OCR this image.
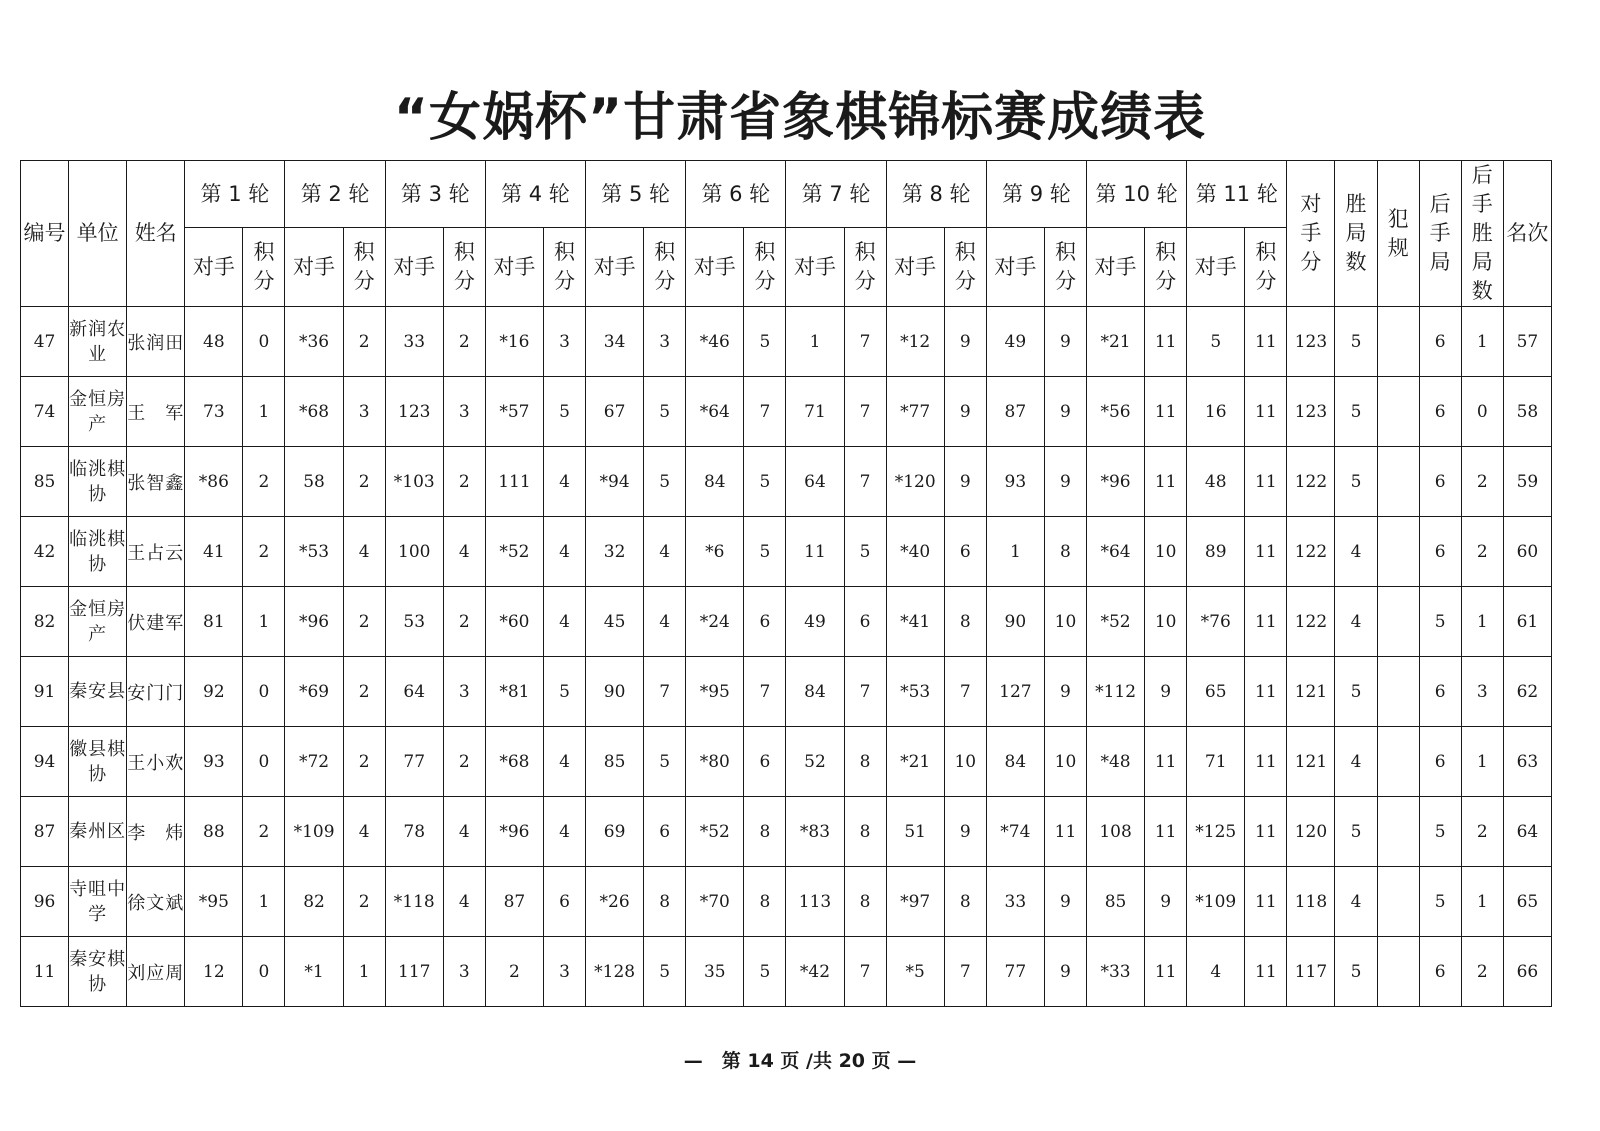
“女娲杯”甘肃省象棋锦标赛成绩表
编号	单位	姓名	第 1 轮		第 2 轮		第 3 轮		第 4 轮		第 5 轮		第 6 轮		第 7 轮		第 8 轮		第 9 轮		第 10 轮		第 11 轮		对手分	胜局数	犯规	后手局	后手胜局数	名次
			对手	积分	对手	积分	对手	积分	对手	积分	对手	积分	对手	积分	对手	积分	对手	积分	对手	积分	对手	积分	对手	积分						
47	新润农业	张润田	48	0	*36	2	33	2	*16	3	34	3	*46	5	1	7	*12	9	49	9	*21	11	5	11	123	5		6	1	57
74	金恒房产	王　军	73	1	*68	3	123	3	*57	5	67	5	*64	7	71	7	*77	9	87	9	*56	11	16	11	123	5		6	0	58
85	临洮棋协	张智鑫	*86	2	58	2	*103	2	111	4	*94	5	84	5	64	7	*120	9	93	9	*96	11	48	11	122	5		6	2	59
42	临洮棋协	王占云	41	2	*53	4	100	4	*52	4	32	4	*6	5	11	5	*40	6	1	8	*64	10	89	11	122	4		6	2	60
82	金恒房产	伏建军	81	1	*96	2	53	2	*60	4	45	4	*24	6	49	6	*41	8	90	10	*52	10	*76	11	122	4		5	1	61
91	秦安县	安门门	92	0	*69	2	64	3	*81	5	90	7	*95	7	84	7	*53	7	127	9	*112	9	65	11	121	5		6	3	62
94	徽县棋协	王小欢	93	0	*72	2	77	2	*68	4	85	5	*80	6	52	8	*21	10	84	10	*48	11	71	11	121	4		6	1	63
87	秦州区	李　炜	88	2	*109	4	78	4	*96	4	69	6	*52	8	*83	8	51	9	*74	11	108	11	*125	11	120	5		5	2	64
96	寺咀中学	徐文斌	*95	1	82	2	*118	4	87	6	*26	8	*70	8	113	8	*97	8	33	9	85	9	*109	11	118	4		5	1	65
11	秦安棋协	刘应周	12	0	*1	1	117	3	2	3	*128	5	35	5	*42	7	*5	7	77	9	*33	11	4	11	117	5		6	2	66
—　第 14 页 /共 20 页 —
